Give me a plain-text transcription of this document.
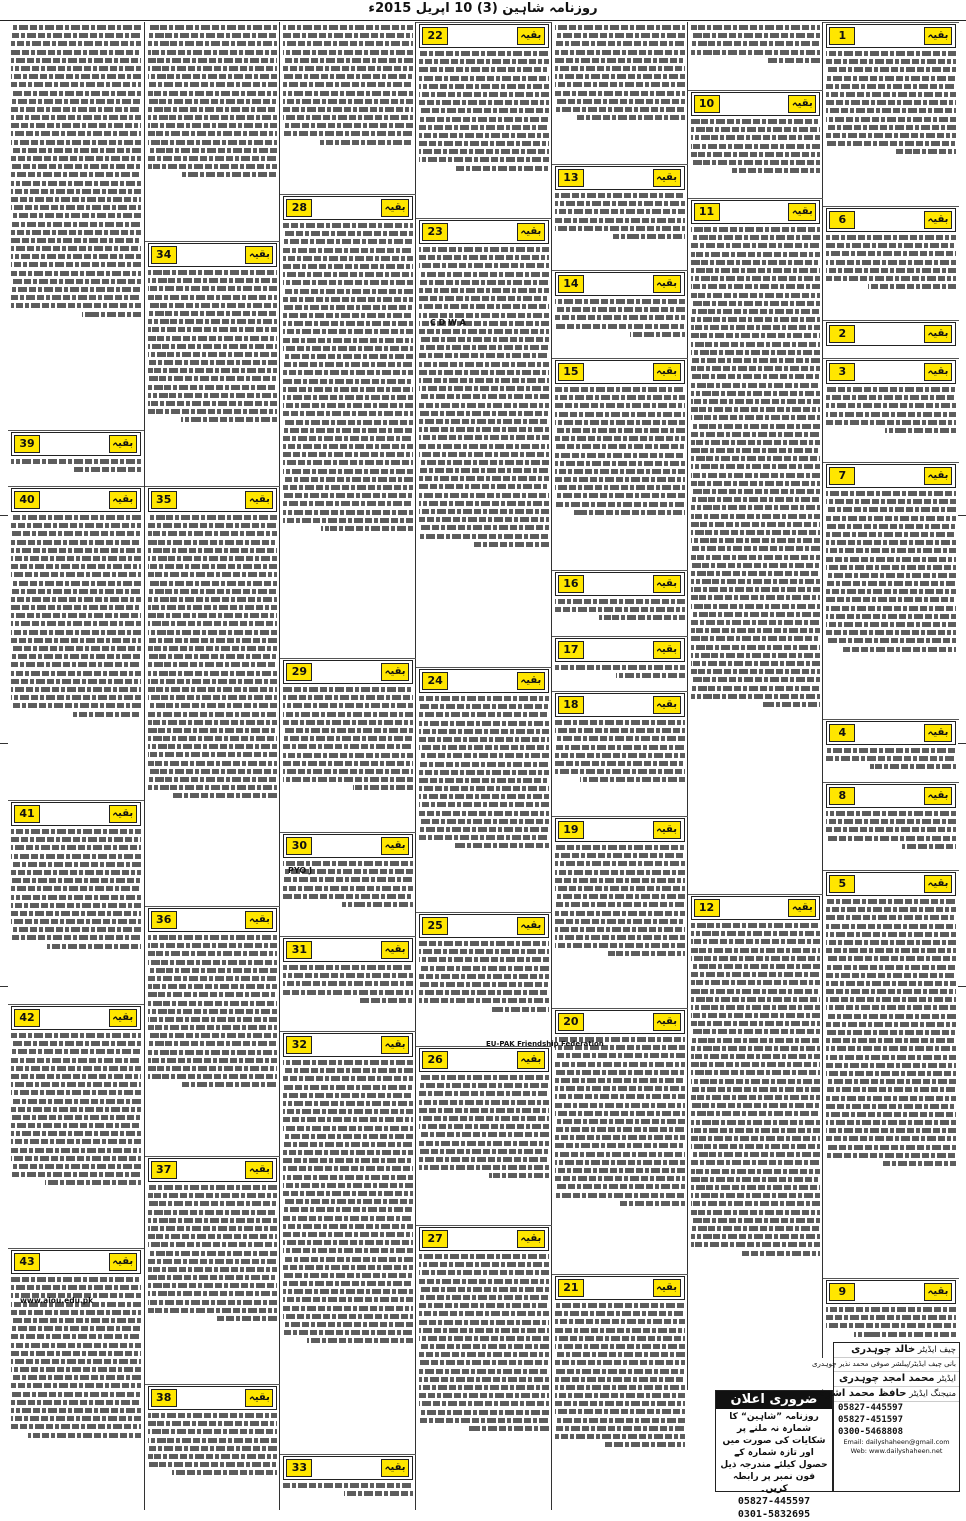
روزنامہ شاہین (3) 10 اپریل 2015ء
بقیہ
1
بقیہ
6
بقیہ
2
بقیہ
3
بقیہ
7
بقیہ
4
بقیہ
8
بقیہ
5
بقیہ
9
بقیہ
10
بقیہ
11
بقیہ
12
بقیہ
13
بقیہ
14
بقیہ
15
بقیہ
16
بقیہ
17
بقیہ
18
بقیہ
19
بقیہ
20
بقیہ
21
بقیہ
22
بقیہ
23
بقیہ
24
بقیہ
25
بقیہ
26
بقیہ
27
بقیہ
28
بقیہ
29
بقیہ
30
بقیہ
31
بقیہ
32
بقیہ
33
بقیہ
34
بقیہ
35
بقیہ
36
بقیہ
37
بقیہ
38
بقیہ
39
بقیہ
40
بقیہ
41
بقیہ
42
بقیہ
43
C D W A
EU-PAK Friendship Federation
www.aiou.edu.pk
PYO J
ضروری اعلان
روزنامہ ”شاہین“ کا شمارہ نہ ملنے پر شکایات کی صورت میں اور تازہ شمارہ کے حصول کیلئے مندرجہ ذیل فون نمبر پر رابطہ کریں۔
05827-445597
0301-5832695
چیف ایڈیٹر خالد چوہدری
بانی چیف ایڈیٹر/پبلشر صوفی محمد نذیر چوہدری
ایڈیٹر محمد امجد چوہدری
منیجنگ ایڈیٹر حافظ محمد اشرف
05827-445597
05827-451597
0300-5468808
Email: dailyshaheen@gmail.com
Web: www.dailyshaheen.net
